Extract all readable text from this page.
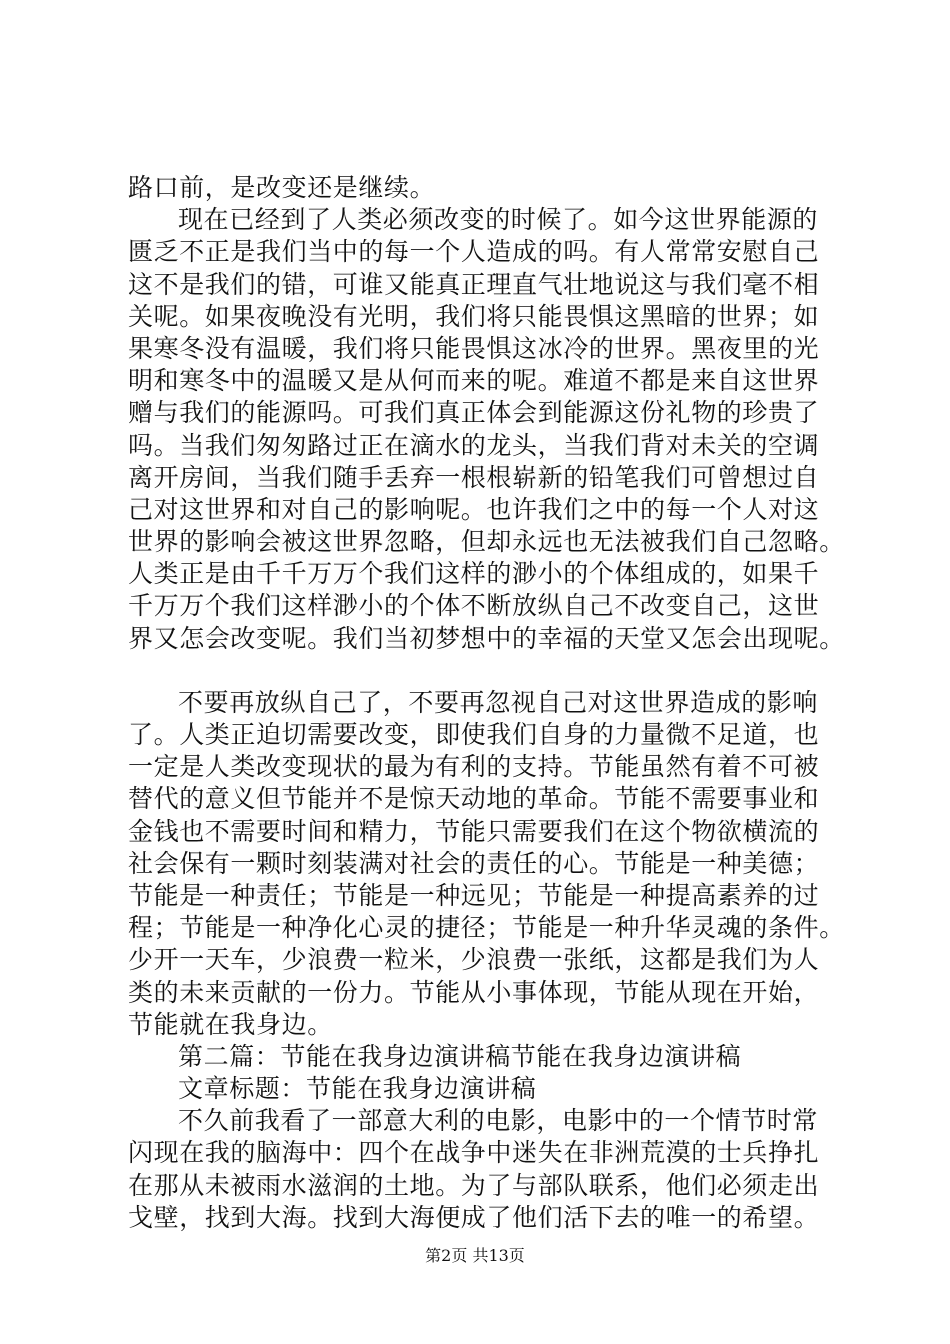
路口前，是改变还是继续。
现在已经到了人类必须改变的时候了。如今这世界能源的
匮乏不正是我们当中的每一个人造成的吗。有人常常安慰自己
这不是我们的错，可谁又能真正理直气壮地说这与我们毫不相
关呢。如果夜晚没有光明，我们将只能畏惧这黑暗的世界；如
果寒冬没有温暖，我们将只能畏惧这冰冷的世界。黑夜里的光
明和寒冬中的温暖又是从何而来的呢。难道不都是来自这世界
赠与我们的能源吗。可我们真正体会到能源这份礼物的珍贵了
吗。当我们匆匆路过正在滴水的龙头，当我们背对未关的空调
离开房间，当我们随手丢弃一根根崭新的铅笔我们可曾想过自
己对这世界和对自己的影响呢。也许我们之中的每一个人对这
世界的影响会被这世界忽略，但却永远也无法被我们自己忽略。
人类正是由千千万万个我们这样的渺小的个体组成的，如果千
千万万个我们这样渺小的个体不断放纵自己不改变自己，这世
界又怎会改变呢。我们当初梦想中的幸福的天堂又怎会出现呢。
不要再放纵自己了，不要再忽视自己对这世界造成的影响
了。人类正迫切需要改变，即使我们自身的力量微不足道，也
一定是人类改变现状的最为有利的支持。节能虽然有着不可被
替代的意义但节能并不是惊天动地的革命。节能不需要事业和
金钱也不需要时间和精力，节能只需要我们在这个物欲横流的
社会保有一颗时刻装满对社会的责任的心。节能是一种美德；
节能是一种责任；节能是一种远见；节能是一种提高素养的过
程；节能是一种净化心灵的捷径；节能是一种升华灵魂的条件。
少开一天车，少浪费一粒米，少浪费一张纸，这都是我们为人
类的未来贡献的一份力。节能从小事体现，节能从现在开始，
节能就在我身边。
第二篇：节能在我身边演讲稿节能在我身边演讲稿
文章标题：节能在我身边演讲稿
不久前我看了一部意大利的电影，电影中的一个情节时常
闪现在我的脑海中：四个在战争中迷失在非洲荒漠的士兵挣扎
在那从未被雨水滋润的土地。为了与部队联系，他们必须走出
戈壁，找到大海。找到大海便成了他们活下去的唯一的希望。
第2页 共13页
